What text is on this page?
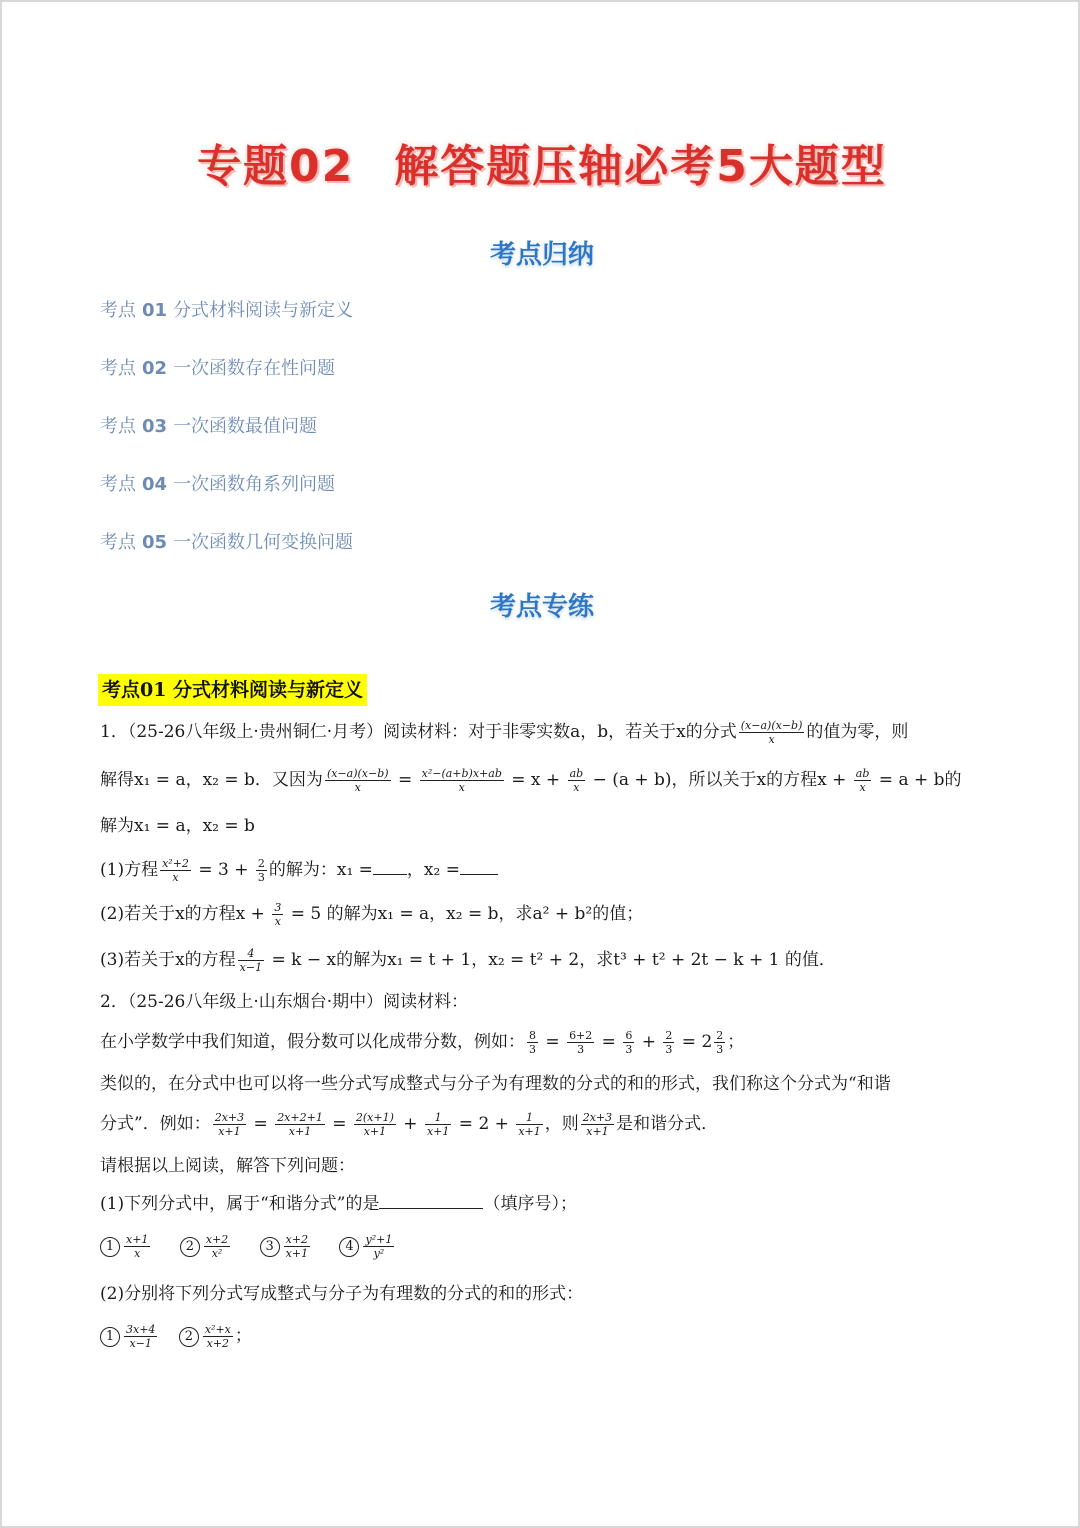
专题02 解答题压轴必考5大题型
考点归纳
考点 01 分式材料阅读与新定义
考点 02 一次函数存在性问题
考点 03 一次函数最值问题
考点 04 一次函数角系列问题
考点 05 一次函数几何变换问题
考点专练
考点01 分式材料阅读与新定义
1．（25-26八年级上·贵州铜仁·月考）阅读材料：对于非零实数a，b，若关于x的分式 $\frac{(x-a)(x-b)}{x}$ 的值为零，则
解得x₁ = a，x₂ = b．又因为 $\frac{(x-a)(x-b)}{x} = \frac{\text{x²−(a+b)x+ab}}{x} = x + \frac{ab}{x} - (a + b)$，所以关于x的方程$x + \frac{ab}{x} = a + b$的
解为x₁ = a，x₂ = b
(1)方程 $\frac{\text{x²+2}}{x} = 3 + \frac{2}{3}$ 的解为：x₁ = ，x₂ =
(2)若关于x的方程$x + \frac{3}{x} = 5$ 的解为x₁ = a，x₂ = b，求a² + b²的值；
(3)若关于x的方程 $\frac{4}{x-1} = k - x$的解为x₁ = t + 1，x₂ = t² + 2，求t³ + t² + 2t − k + 1 的值．
2．（25-26八年级上·山东烟台·期中）阅读材料：
在小学数学中我们知道，假分数可以化成带分数，例如： $\frac{8}{3} = \frac{6+2}{3} = \frac{6}{3} + \frac{2}{3} = 2 \frac{2}{3}$ ；
类似的，在分式中也可以将一些分式写成整式与分子为有理数的分式的和的形式，我们称这个分式为“和谐
分式”．例如： $\frac{2x+3}{x+1} = \frac{2x+2+1}{x+1} = \frac{2(x+1)}{x+1} + \frac{1}{x+1} = 2 + \frac{1}{x+1}$ ，则 $\frac{2x+3}{x+1}$ 是和谐分式．
请根据以上阅读，解答下列问题：
(1)下列分式中，属于“和谐分式”的是	（填序号）；
$1 \frac{x+1}{x}$	$2 \frac{x+2}{\text{x²}}$	$3 \frac{x+2}{x+1}$	$4 \frac{\text{y²+1}}{\text{y²}}$
(2)分别将下列分式写成整式与分子为有理数的分式的和的形式：
$1 \frac{3x+4}{x-1} 2 \frac{\text{x²+x}}{x+2}$ ；
